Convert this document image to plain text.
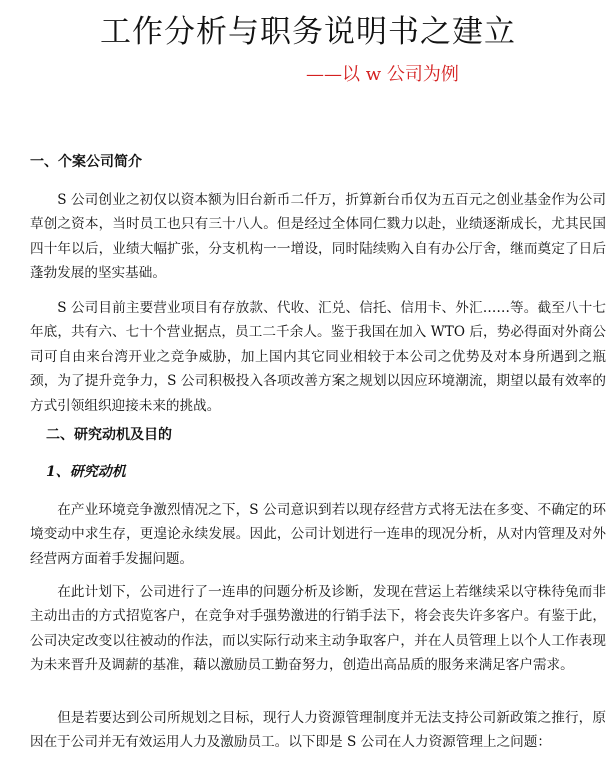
工作分析与职务说明书之建立
——以 w 公司为例
一、个案公司简介
S 公司创业之初仅以资本额为旧台新币二仟万，折算新台币仅为五百元之创业基金作为公司草创之资本，当时员工也只有三十八人。但是经过全体同仁戮力以赴，业绩逐渐成长，尤其民国四十年以后，业绩大幅扩张，分支机构一一增设，同时陆续购入自有办公厅舍，继而奠定了日后蓬勃发展的坚实基础。
S 公司目前主要营业项目有存放款、代收、汇兑、信托、信用卡、外汇……等。截至八十七年底，共有六、七十个营业据点，员工二千余人。鉴于我国在加入 WTO 后，势必得面对外商公司可自由来台湾开业之竞争威胁，加上国内其它同业相较于本公司之优势及对本身所遇到之瓶颈，为了提升竞争力，S 公司积极投入各项改善方案之规划以因应环境潮流，期望以最有效率的方式引领组织迎接未来的挑战。
二、研究动机及目的
1、研究动机
在产业环境竞争激烈情况之下，S 公司意识到若以现存经营方式将无法在多变、不确定的环境变动中求生存，更遑论永续发展。因此，公司计划进行一连串的现况分析，从对内管理及对外经营两方面着手发掘问题。
在此计划下，公司进行了一连串的问题分析及诊断，发现在营运上若继续采以守株待兔而非主动出击的方式招览客户，在竞争对手强势激进的行销手法下，将会丧失许多客户。有鉴于此，公司决定改变以往被动的作法，而以实际行动来主动争取客户，并在人员管理上以个人工作表现为未来晋升及调薪的基准，藉以激励员工勤奋努力，创造出高品质的服务来满足客户需求。
但是若要达到公司所规划之目标，现行人力资源管理制度并无法支持公司新政策之推行，原因在于公司并无有效运用人力及激励员工。以下即是 S 公司在人力资源管理上之问题：
